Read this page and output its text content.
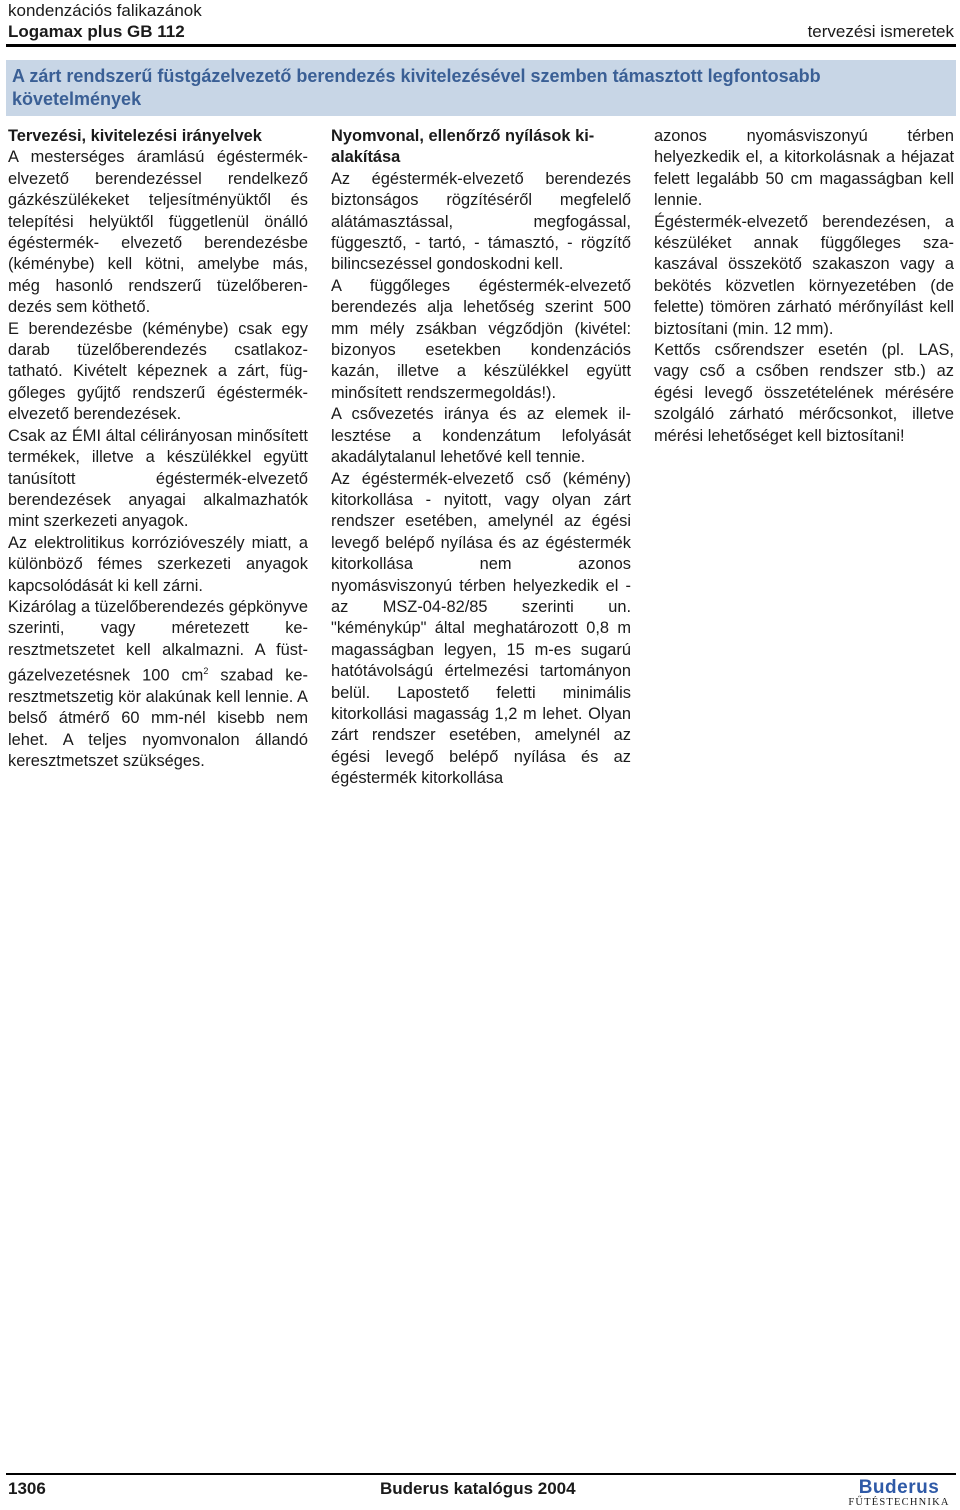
kondenzációs falikazánok
Logamax plus GB 112	tervezési ismeretek
A zárt rendszerű füstgázelvezető berendezés kivitelezésével szemben támasztott legfontosabb követelmények

Tervezési, kivitelezési irányelvek

A mesterséges áramlású égéstermékelvezető berendezéssel rendelkező gázkészülékeket teljesítményüktől és telepítési helyüktől függetlenül önálló égéstermék- elvezető berendezésbe (kéménybe) kell kötni, amelybe más, még hasonló rendszerű tüzelőberendezés sem köthető.

E berendezésbe (kéménybe) csak egy darab tüzelőberendezés csatlakoztatható. Kivételt képeznek a zárt, függőleges gyűjtő rendszerű égéstermékelvezető berendezések.

Csak az ÉMI által célirányosan minősített termékek, illetve a készülékkel együtt tanúsított égéstermék-elvezető berendezések anyagai alkalmazhatók mint szerkezeti anyagok.

Az elektrolitikus korrózióveszély miatt, a különböző fémes szerkezeti anyagok kapcsolódását ki kell zárni.

Kizárólag a tüzelőberendezés gépkönyve szerinti, vagy méretezett keresztmetszetet kell alkalmazni. A füstgázelvezetésnek 100 $cm^2$ szabad keresztmetszetig kör alakúnak kell lennie. A belső átmérő 60 mm-nél kisebb nem lehet. A teljes nyomvonalon állandó keresztmetszet szükséges.

Nyomvonal, ellenőrző nyílások kialakítása

Az égéstermék-elvezető berendezés biztonságos rögzítéséről megfelelő alátámasztással, megfogással, függesztő, - tartó, - támasztó, - rögzítő bilincsezéssel gondoskodni kell.

A függőleges égéstermék-elvezető berendezés alja lehetőség szerint 500 mm mély zsákban végződjön (kivétel: bizonyos esetekben kondenzációs kazán, illetve a készülékkel együtt minősített rendszermegoldás!).

A csővezetés iránya és az elemek illesztése a kondenzátum lefolyását akadálytalanul lehetővé kell tennie.

Az égéstermék-elvezető cső (kémény) kitorkollása - nyitott, vagy olyan zárt rendszer esetében, amelynél az égési levegő belépő nyílása és az égéstermék kitorkollása nem azonos nyomásviszonyú térben helyezkedik el - az MSZ-04-82/85 szerinti un. "kéménykúp" által meghatározott 0,8 m magasságban legyen, 15 m-es sugarú hatótávolságú értelmezési tartományon belül. Lapostető feletti minimális kitorkollási magasság 1,2 m lehet. Olyan zárt rendszer esetében, amelynél az égési levegő belépő nyílása és az égéstermék kitorkollása

azonos nyomásviszonyú térben helyezkedik el, a kitorkolásnak a héjazat felett legalább 50 cm magasságban kell lennie.

Égéstermék-elvezető berendezésen, a készüléket annak függőleges szakaszával összekötő szakaszon vagy a bekötés közvetlen környezetében (de felette) tömören zárható mérőnyílást kell biztosítani (min. 12 mm).

Kettős csőrendszer esetén (pl. LAS, vagy cső a csőben rendszer stb.) az égési levegő összetételének mérésére szolgáló zárható mérőcsonkot, illetve mérési lehetőséget kell biztosítani!

1306	Buderus katalógus 2004	Buderus
FŰTÉSTECHNIKA
